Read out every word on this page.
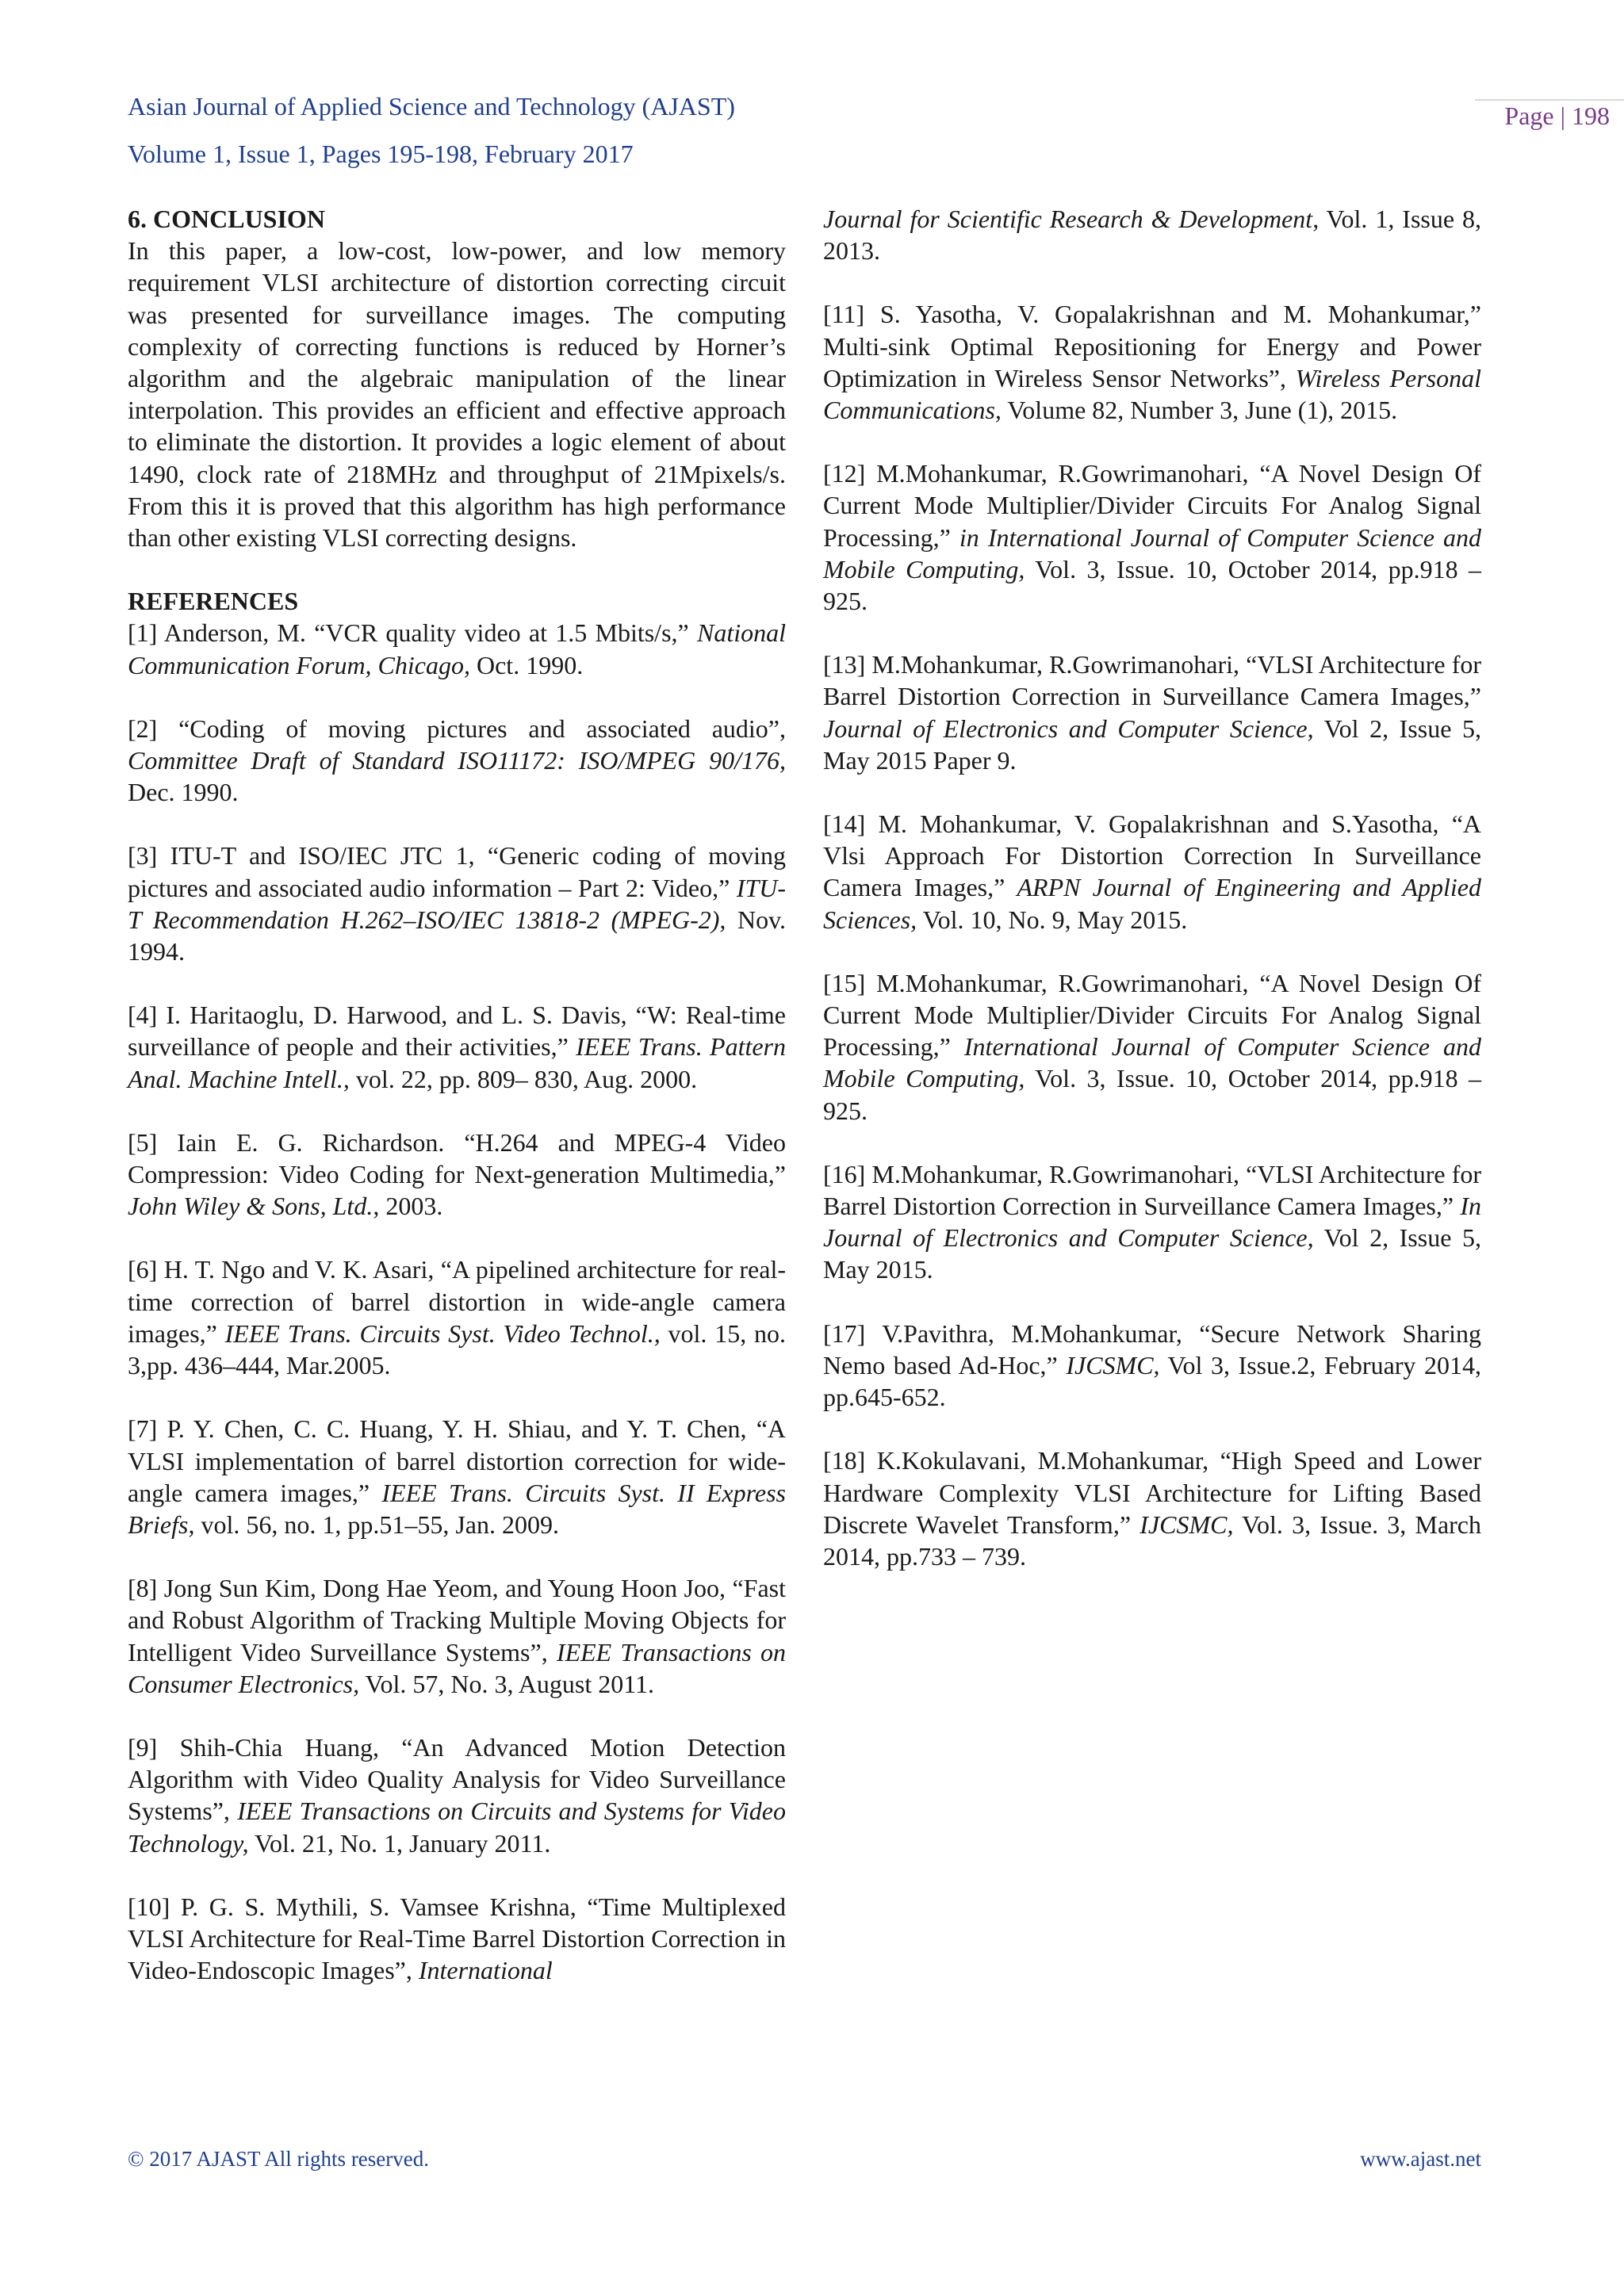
Asian Journal of Applied Science and Technology (AJAST)
Volume 1, Issue 1, Pages 195-198, February 2017
Page | 198
6. CONCLUSION

In this paper, a low-cost, low-power, and low memory requirement VLSI architecture of distortion correcting circuit was presented for surveillance images. The computing complexity of correcting functions is reduced by Horner’s algorithm and the algebraic manipulation of the linear interpolation. This provides an efficient and effective approach to eliminate the distortion. It provides a logic element of about 1490, clock rate of 218MHz and throughput of 21Mpixels/s. From this it is proved that this algorithm has high performance than other existing VLSI correcting designs.

REFERENCES

[1] Anderson, M. “VCR quality video at 1.5 Mbits/s,” National Communication Forum, Chicago, Oct. 1990.

[2] “Coding of moving pictures and associated audio”, Committee Draft of Standard ISO11172: ISO/MPEG 90/176, Dec. 1990.

[3] ITU-T and ISO/IEC JTC 1, “Generic coding of moving pictures and associated audio information – Part 2: Video,” ITU-T Recommendation H.262–ISO/IEC 13818-2 (MPEG-2), Nov. 1994.

[4] I. Haritaoglu, D. Harwood, and L. S. Davis, “W: Real-time surveillance of people and their activities,” IEEE Trans. Pattern Anal. Machine Intell., vol. 22, pp. 809– 830, Aug. 2000.

[5] Iain E. G. Richardson. “H.264 and MPEG-4 Video Compression: Video Coding for Next-generation Multimedia,” John Wiley & Sons, Ltd., 2003.

[6] H. T. Ngo and V. K. Asari, “A pipelined architecture for real-time correction of barrel distortion in wide-angle camera images,” IEEE Trans. Circuits Syst. Video Technol., vol. 15, no. 3,pp. 436–444, Mar.2005.

[7] P. Y. Chen, C. C. Huang, Y. H. Shiau, and Y. T. Chen, “A VLSI implementation of barrel distortion correction for wide-angle camera images,” IEEE Trans. Circuits Syst. II Express Briefs, vol. 56, no. 1, pp.51–55, Jan. 2009.

[8] Jong Sun Kim, Dong Hae Yeom, and Young Hoon Joo, “Fast and Robust Algorithm of Tracking Multiple Moving Objects for Intelligent Video Surveillance Systems”, IEEE Transactions on Consumer Electronics, Vol. 57, No. 3, August 2011.

[9] Shih-Chia Huang, “An Advanced Motion Detection Algorithm with Video Quality Analysis for Video Surveillance Systems”, IEEE Transactions on Circuits and Systems for Video Technology, Vol. 21, No. 1, January 2011.

[10] P. G. S. Mythili, S. Vamsee Krishna, “Time Multiplexed VLSI Architecture for Real-Time Barrel Distortion Correction in Video-Endoscopic Images”, International

Journal for Scientific Research & Development, Vol. 1, Issue 8, 2013.

[11] S. Yasotha, V. Gopalakrishnan and M. Mohankumar,” Multi-sink Optimal Repositioning for Energy and Power Optimization in Wireless Sensor Networks”, Wireless Personal Communications, Volume 82, Number 3, June (1), 2015.

[12] M.Mohankumar, R.Gowrimanohari, “A Novel Design Of Current Mode Multiplier/Divider Circuits For Analog Signal Processing,” in International Journal of Computer Science and Mobile Computing, Vol. 3, Issue. 10, October 2014, pp.918 – 925.

[13] M.Mohankumar, R.Gowrimanohari, “VLSI Architecture for Barrel Distortion Correction in Surveillance Camera Images,” Journal of Electronics and Computer Science, Vol 2, Issue 5, May 2015 Paper 9.

[14] M. Mohankumar, V. Gopalakrishnan and S.Yasotha, “A Vlsi Approach For Distortion Correction In Surveillance Camera Images,” ARPN Journal of Engineering and Applied Sciences, Vol. 10, No. 9, May 2015.

[15] M.Mohankumar, R.Gowrimanohari, “A Novel Design Of Current Mode Multiplier/Divider Circuits For Analog Signal Processing,” International Journal of Computer Science and Mobile Computing, Vol. 3, Issue. 10, October 2014, pp.918 – 925.

[16] M.Mohankumar, R.Gowrimanohari, “VLSI Architecture for Barrel Distortion Correction in Surveillance Camera Images,” In Journal of Electronics and Computer Science, Vol 2, Issue 5, May 2015.

[17] V.Pavithra, M.Mohankumar, “Secure Network Sharing Nemo based Ad-Hoc,” IJCSMC, Vol 3, Issue.2, February 2014, pp.645-652.

[18] K.Kokulavani, M.Mohankumar, “High Speed and Lower Hardware Complexity VLSI Architecture for Lifting Based Discrete Wavelet Transform,” IJCSMC, Vol. 3, Issue. 3, March 2014, pp.733 – 739.

© 2017 AJAST All rights reserved.	www.ajast.net
